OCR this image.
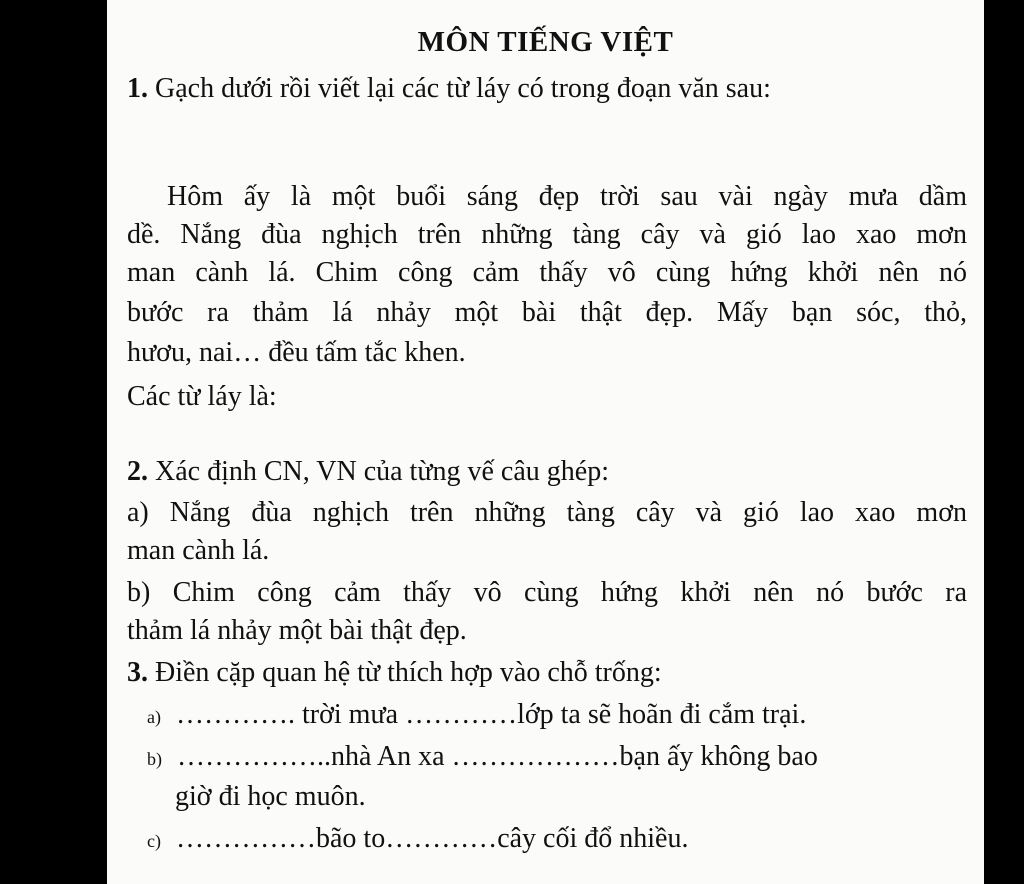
MÔN TIẾNG VIỆT
1. Gạch dưới rồi viết lại các từ láy có trong đoạn văn sau:
Hôm ấy là một buổi sáng đẹp trời sau vài ngày mưa dầm
dề. Nắng đùa nghịch trên những tàng cây và gió lao xao mơn
man cành lá. Chim công cảm thấy vô cùng hứng khởi nên nó
bước ra thảm lá nhảy một bài thật đẹp. Mấy bạn sóc, thỏ,
hươu, nai… đều tấm tắc khen.
Các từ láy là:
2. Xác định CN, VN của từng vế câu ghép:
a) Nắng đùa nghịch trên những tàng cây và gió lao xao mơn
man cành lá.
b) Chim công cảm thấy vô cùng hứng khởi nên nó bước ra
thảm lá nhảy một bài thật đẹp.
3. Điền cặp quan hệ từ thích hợp vào chỗ trống:
a) …………. trời mưa …………lớp ta sẽ hoãn đi cắm trại.
b) ……………..nhà An xa ………………bạn ấy không bao
giờ đi học muôn.
c) ……………bão to…………cây cối đổ nhiều.
